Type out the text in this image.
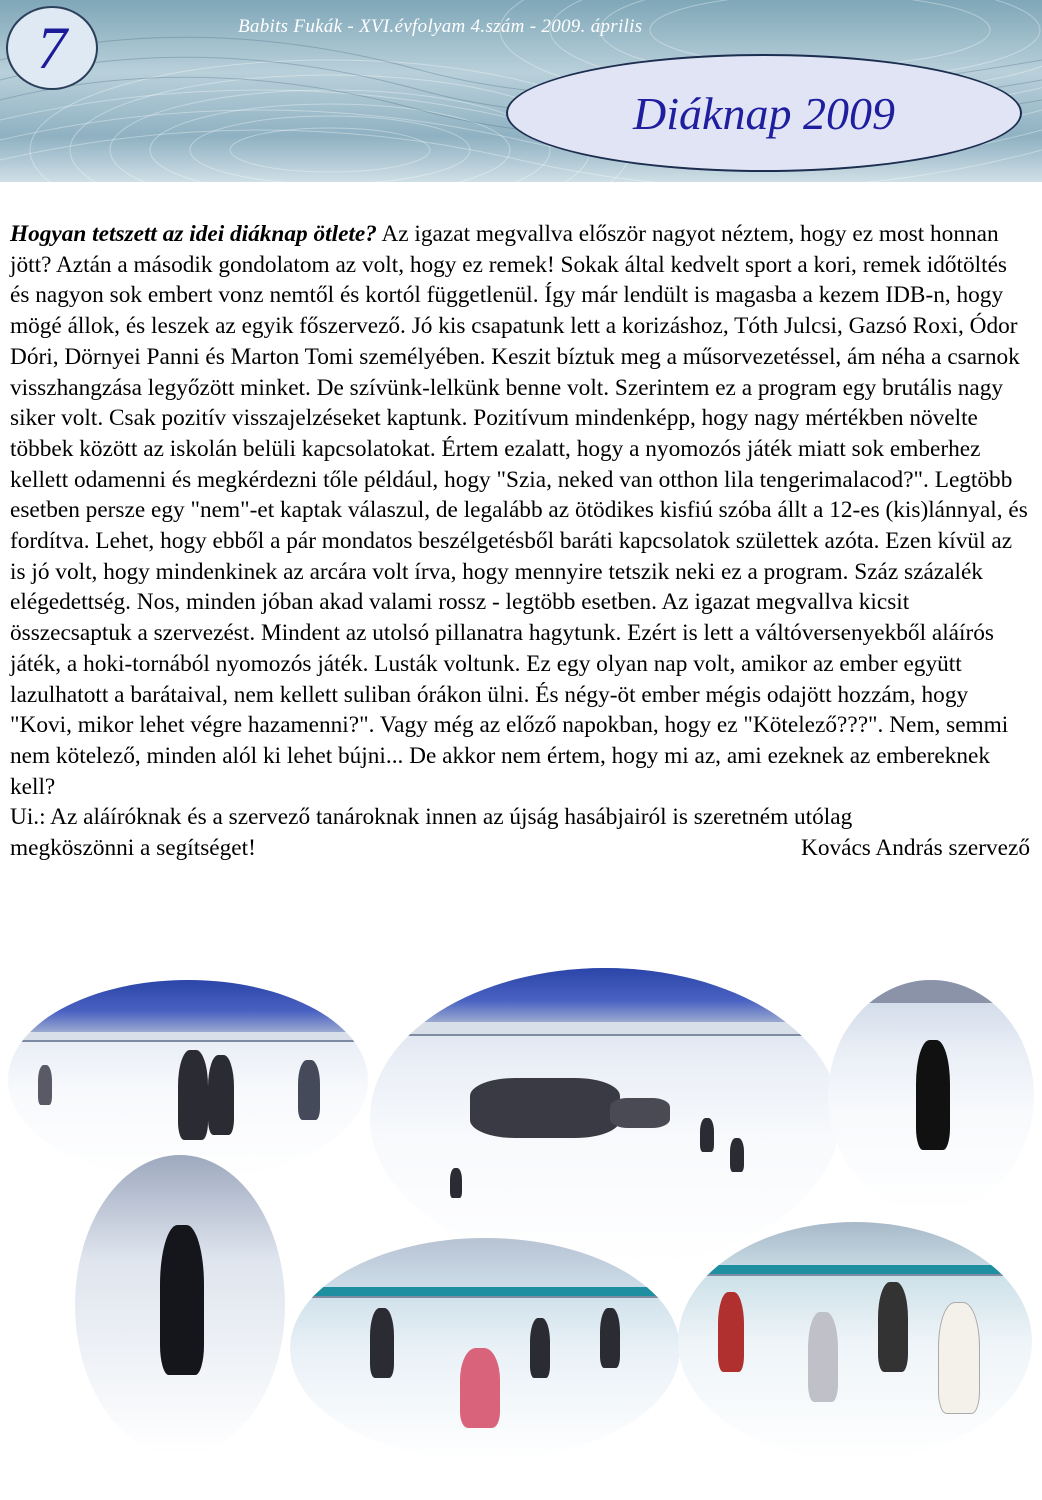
7	Babits Fukák - XVI.évfolyam 4.szám - 2009. április
Diáknap 2009

Hogyan tetszett az idei diáknap ötlete? Az igazat megvallva először nagyot néztem, hogy ez most honnan jött? Aztán a második gondolatom az volt, hogy ez remek! Sokak által kedvelt sport a kori, remek időtöltés és nagyon sok embert vonz nemtől és kortól függetlenül. Így már lendült is magasba a kezem IDB-n, hogy mögé állok, és leszek az egyik főszervező. Jó kis csapatunk lett a korizáshoz, Tóth Julcsi, Gazsó Roxi, Ódor Dóri, Dörnyei Panni és Marton Tomi személyében. Keszit bíztuk meg a műsorvezetéssel, ám néha a csarnok visszhangzása legyőzött minket. De szívünk-lelkünk benne volt. Szerintem ez a program egy brutális nagy siker volt. Csak pozitív visszajelzéseket kaptunk. Pozitívum mindenképp, hogy nagy mértékben növelte többek között az iskolán belüli kapcsolatokat. Értem ezalatt, hogy a nyomozós játék miatt sok emberhez kellett odamenni és megkérdezni tőle például, hogy "Szia, neked van otthon lila tengerimalacod?". Legtöbb esetben persze egy "nem"-et kaptak válaszul, de legalább az ötödikes kisfiú szóba állt a 12-es (kis)lánnyal, és fordítva. Lehet, hogy ebből a pár mondatos beszélgetésből baráti kapcsolatok születtek azóta. Ezen kívül az is jó volt, hogy mindenkinek az arcára volt írva, hogy mennyire tetszik neki ez a program. Száz százalék elégedettség. Nos, minden jóban akad valami rossz - legtöbb esetben. Az igazat megvallva kicsit összecsaptuk a szervezést. Mindent az utolsó pillanatra hagytunk. Ezért is lett a váltóversenyekből aláírós játék, a hoki-tornából nyomozós játék. Lusták voltunk. Ez egy olyan nap volt, amikor az ember együtt lazulhatott a barátaival, nem kellett suliban órákon ülni. És négy-öt ember mégis odajött hozzám, hogy "Kovi, mikor lehet végre hazamenni?". Vagy még az előző napokban, hogy ez "Kötelező???". Nem, semmi nem kötelező, minden alól ki lehet bújni... De akkor nem értem, hogy mi az, ami ezeknek az embereknek kell?

Ui.: Az aláíróknak és a szervező tanároknak innen az újság hasábjairól is szeretném utólag

megköszönni a segítséget!	Kovács András szervező
